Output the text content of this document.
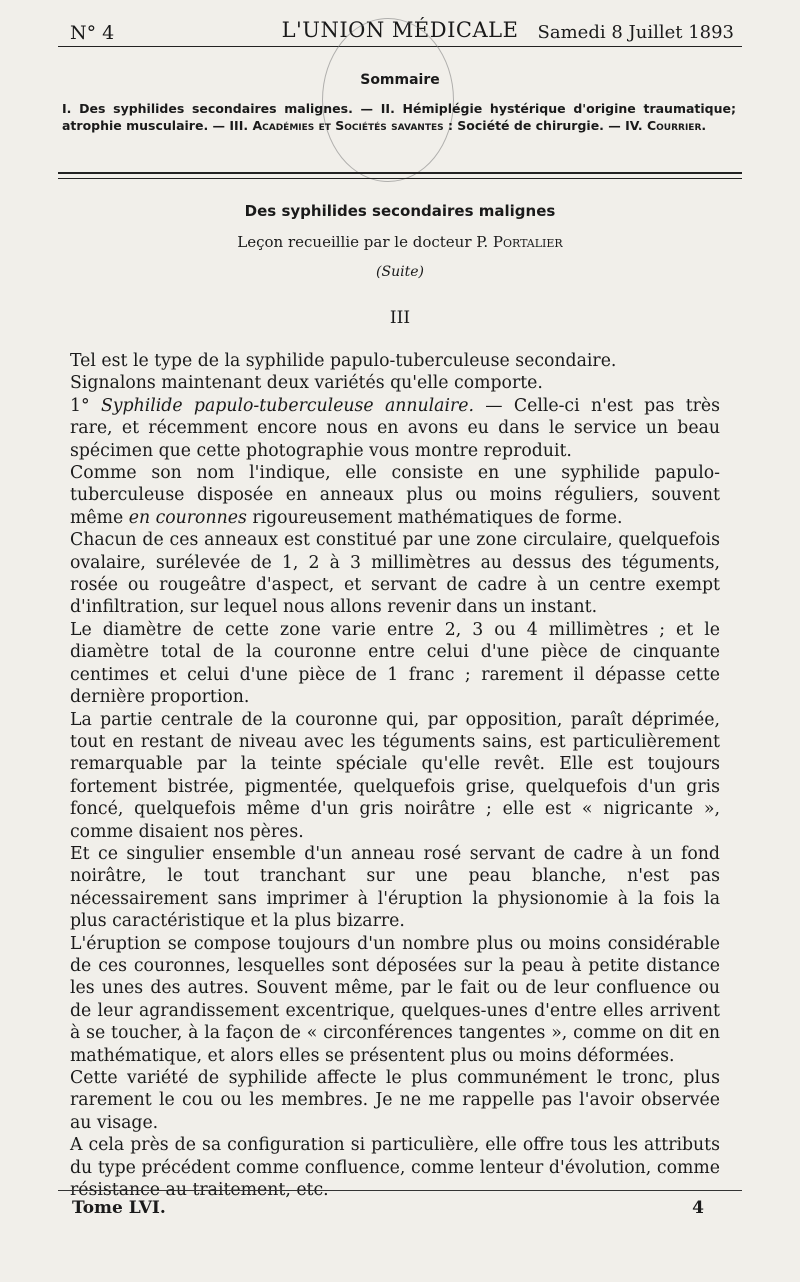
N° 4	L'UNION MÉDICALE	Samedi 8 Juillet 1893
Sommaire
I. Des syphilides secondaires malignes. — II. Hémiplégie hystérique d'origine traumatique; atrophie musculaire. — III. Académies et Sociétés savantes : Société de chirurgie. — IV. Courrier.
Des syphilides secondaires malignes
Leçon recueillie par le docteur P. Portalier
(Suite)
III

Tel est le type de la syphilide papulo-tuberculeuse secondaire.

Signalons maintenant deux variétés qu'elle comporte.

1° Syphilide papulo-tuberculeuse annulaire. — Celle-ci n'est pas très rare, et récemment encore nous en avons eu dans le service un beau spécimen que cette photographie vous montre reproduit.

Comme son nom l'indique, elle consiste en une syphilide papulo-tuberculeuse disposée en anneaux plus ou moins réguliers, souvent même en couronnes rigoureusement mathématiques de forme.

Chacun de ces anneaux est constitué par une zone circulaire, quelquefois ovalaire, surélevée de 1, 2 à 3 millimètres au dessus des téguments, rosée ou rougeâtre d'aspect, et servant de cadre à un centre exempt d'infiltration, sur lequel nous allons revenir dans un instant.

Le diamètre de cette zone varie entre 2, 3 ou 4 millimètres ; et le diamètre total de la couronne entre celui d'une pièce de cinquante centimes et celui d'une pièce de 1 franc ; rarement il dépasse cette dernière proportion.

La partie centrale de la couronne qui, par opposition, paraît déprimée, tout en restant de niveau avec les téguments sains, est particulièrement remarquable par la teinte spéciale qu'elle revêt. Elle est toujours fortement bistrée, pigmentée, quelquefois grise, quelquefois d'un gris foncé, quelquefois même d'un gris noirâtre ; elle est « nigricante », comme disaient nos pères.

Et ce singulier ensemble d'un anneau rosé servant de cadre à un fond noirâtre, le tout tranchant sur une peau blanche, n'est pas nécessairement sans imprimer à l'éruption la physionomie à la fois la plus caractéristique et la plus bizarre.

L'éruption se compose toujours d'un nombre plus ou moins considérable de ces couronnes, lesquelles sont déposées sur la peau à petite distance les unes des autres. Souvent même, par le fait ou de leur confluence ou de leur agrandissement excentrique, quelques-unes d'entre elles arrivent à se toucher, à la façon de « circonférences tangentes », comme on dit en mathématique, et alors elles se présentent plus ou moins déformées.

Cette variété de syphilide affecte le plus communément le tronc, plus rarement le cou ou les membres. Je ne me rappelle pas l'avoir observée au visage.

A cela près de sa configuration si particulière, elle offre tous les attributs du type précédent comme confluence, comme lenteur d'évolution, comme résistance au traitement, etc.

Tome LVI.	4
